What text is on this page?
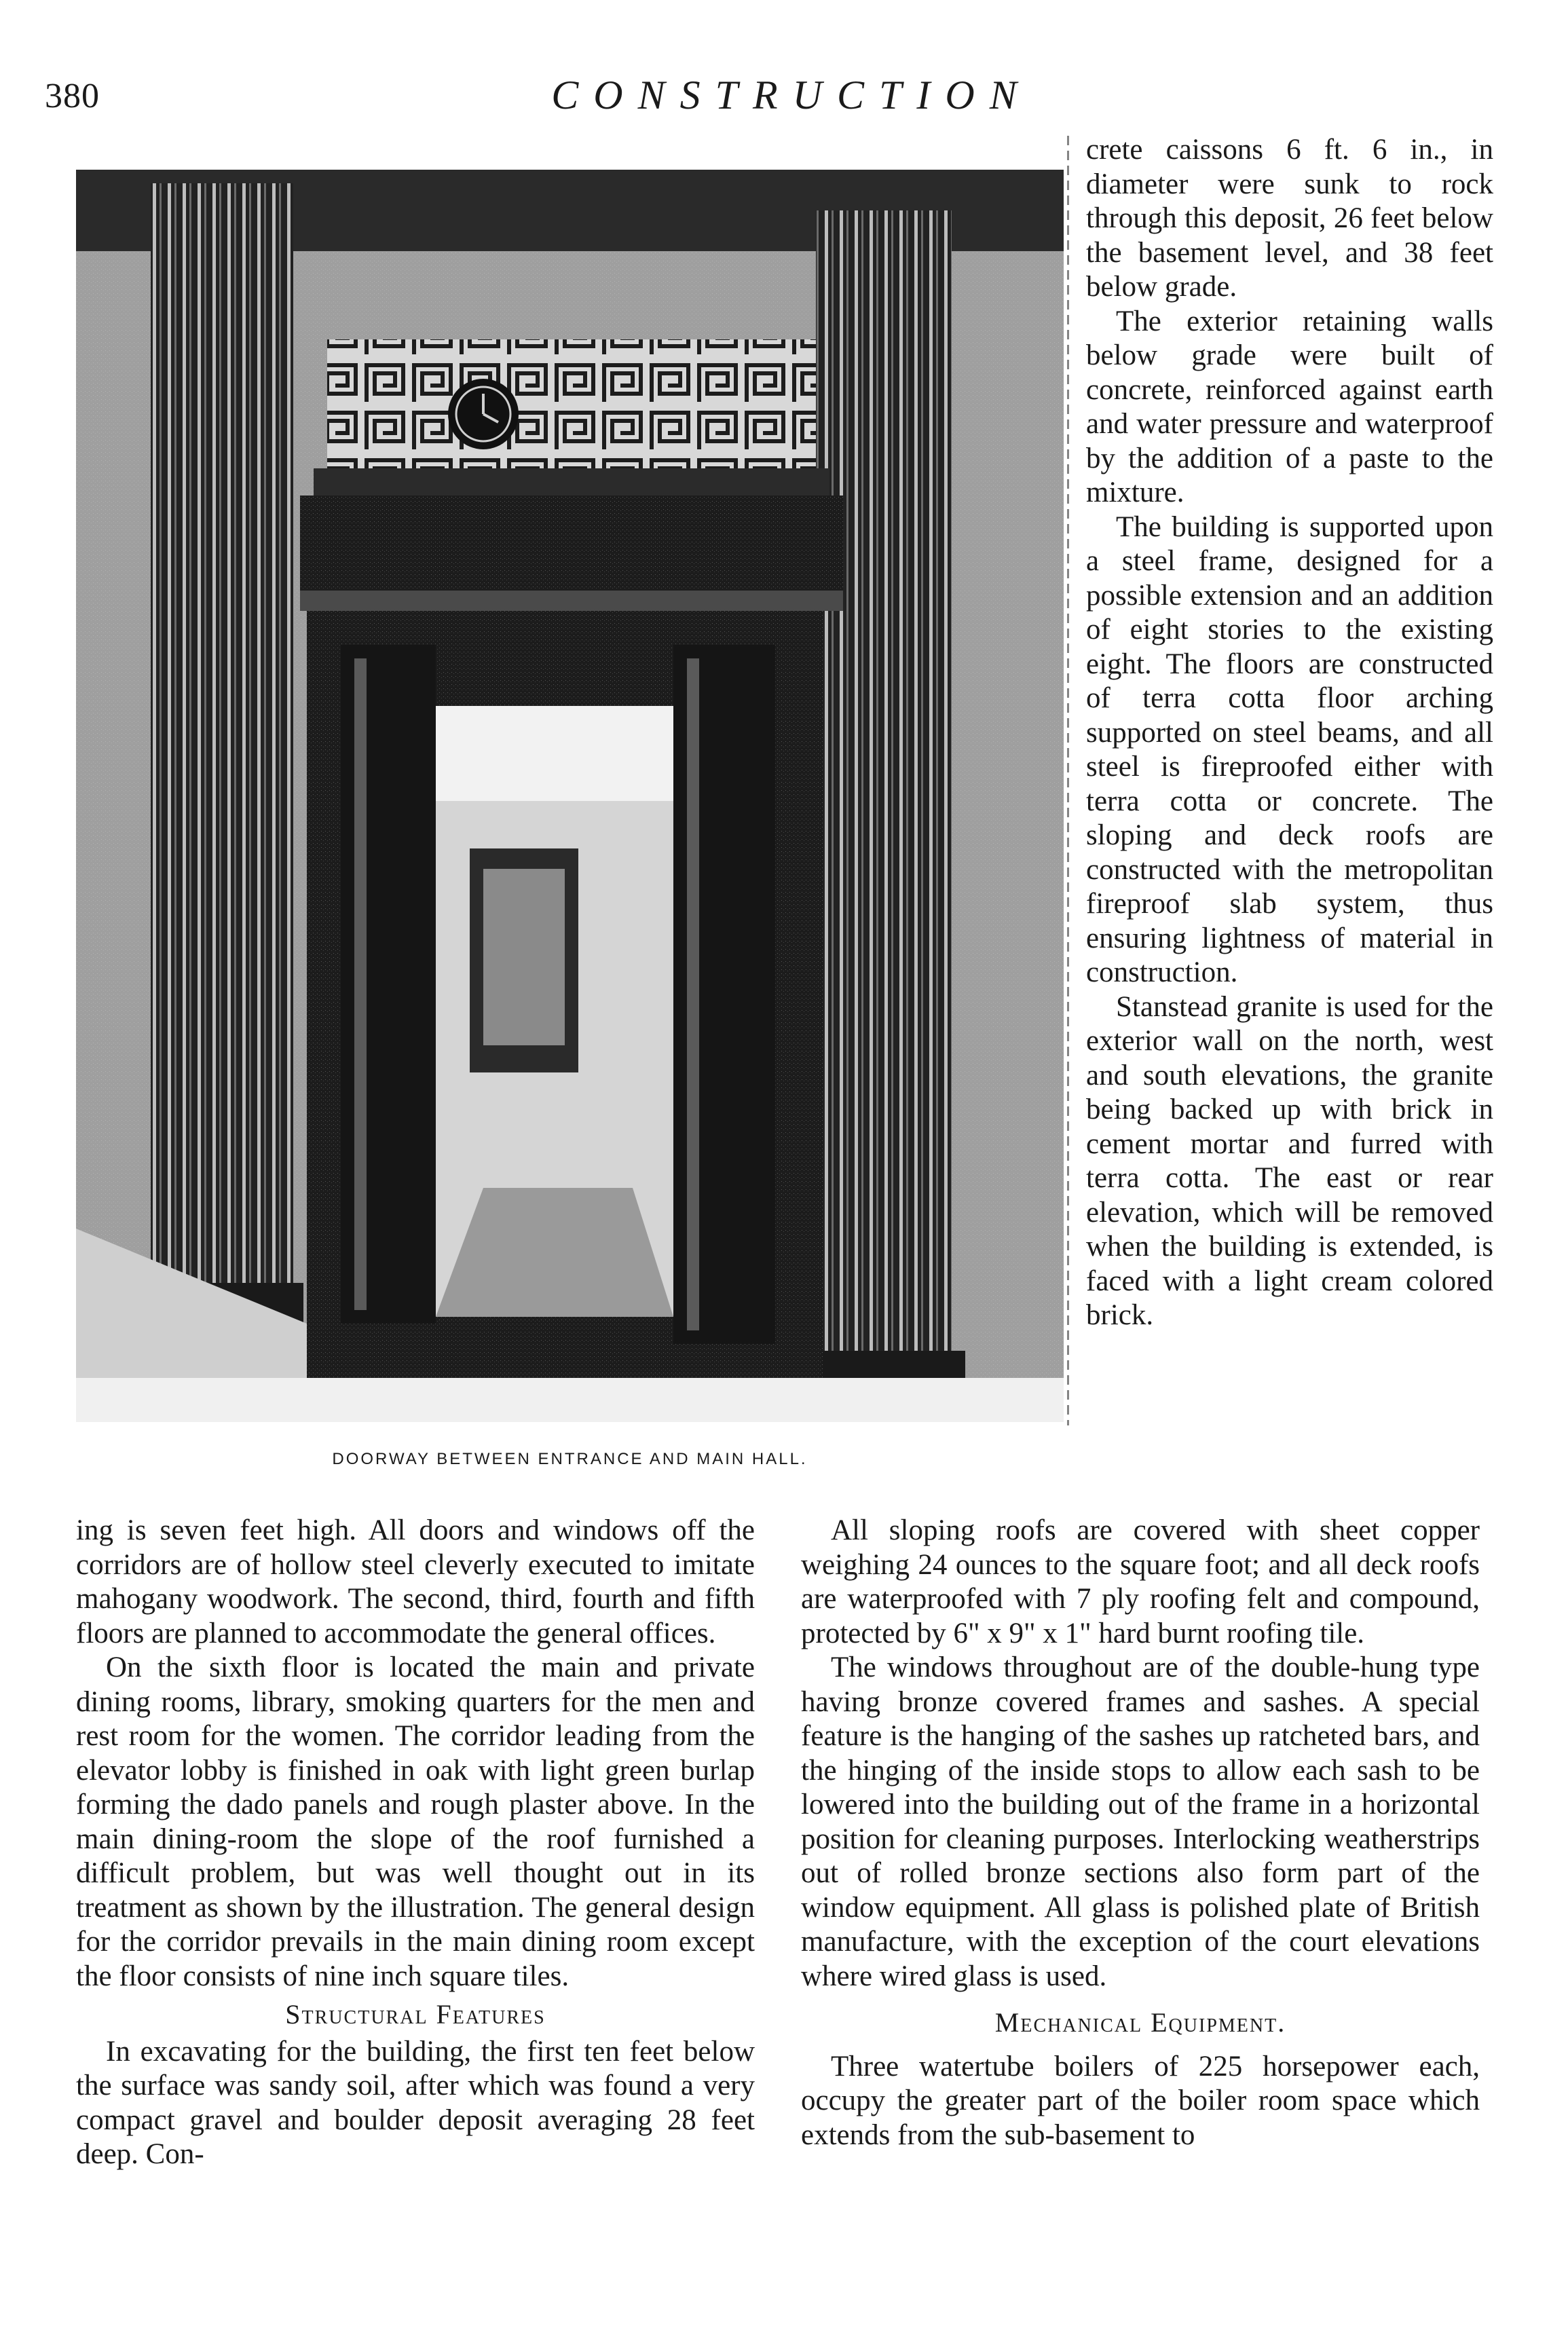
380	CONSTRUCTION
DOORWAY BETWEEN ENTRANCE AND MAIN HALL.

crete caissons 6 ft. 6 in., in diameter were sunk to rock through this deposit, 26 feet below the basement level, and 38 feet below grade.

The exterior retaining walls below grade were built of concrete, reinforced against earth and water pressure and waterproof by the addition of a paste to the mixture.

The building is supported upon a steel frame, designed for a possible extension and an addition of eight stories to the existing eight. The floors are constructed of terra cotta floor arching supported on steel beams, and all steel is fireproofed either with terra cotta or concrete. The sloping and deck roofs are constructed with the metropolitan fireproof slab system, thus ensuring lightness of material in construction.

Stanstead granite is used for the exterior wall on the north, west and south elevations, the granite being backed up with brick in cement mortar and furred with terra cotta. The east or rear elevation, which will be removed when the building is extended, is faced with a light cream colored brick.

ing is seven feet high. All doors and windows off the corridors are of hollow steel cleverly executed to imitate mahogany woodwork. The second, third, fourth and fifth floors are planned to accommodate the general offices.

On the sixth floor is located the main and private dining rooms, library, smoking quarters for the men and rest room for the women. The corridor leading from the elevator lobby is finished in oak with light green burlap forming the dado panels and rough plaster above. In the main dining-room the slope of the roof furnished a difficult problem, but was well thought out in its treatment as shown by the illustration. The general design for the corridor prevails in the main dining room except the floor consists of nine inch square tiles.

Structural Features

In excavating for the building, the first ten feet below the surface was sandy soil, after which was found a very compact gravel and boulder deposit averaging 28 feet deep. Con-

All sloping roofs are covered with sheet copper weighing 24 ounces to the square foot; and all deck roofs are waterproofed with 7 ply roofing felt and compound, protected by 6" x 9" x 1" hard burnt roofing tile.

The windows throughout are of the double-hung type having bronze covered frames and sashes. A special feature is the hanging of the sashes up ratcheted bars, and the hinging of the inside stops to allow each sash to be lowered into the building out of the frame in a horizontal position for cleaning purposes. Interlocking weatherstrips out of rolled bronze sections also form part of the window equipment. All glass is polished plate of British manufacture, with the exception of the court elevations where wired glass is used.

Mechanical Equipment.

Three watertube boilers of 225 horsepower each, occupy the greater part of the boiler room space which extends from the sub-basement to
